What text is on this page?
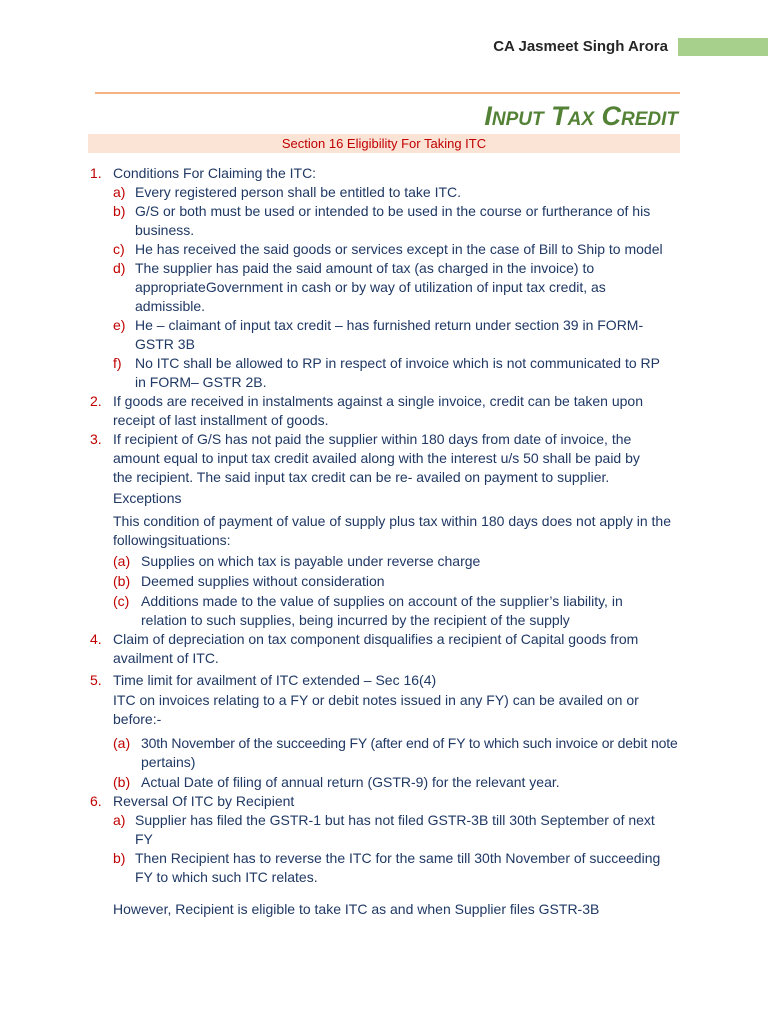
CA Jasmeet Singh Arora
Input Tax Credit
Section 16 Eligibility For Taking ITC
1. Conditions For Claiming the ITC:
a) Every registered person shall be entitled to take ITC.
b) G/S or both must be used or intended to be used in the course or furtherance of his
business.
c) He has received the said goods or services except in the case of Bill to Ship to model
d) The supplier has paid the said amount of tax (as charged in the invoice) to
appropriateGovernment in cash or by way of utilization of input tax credit, as
admissible.
e) He – claimant of input tax credit – has furnished return under section 39 in FORM-
GSTR 3B
f) No ITC shall be allowed to RP in respect of invoice which is not communicated to RP
in FORM– GSTR 2B.
2. If goods are received in instalments against a single invoice, credit can be taken upon
receipt of last installment of goods.
3. If recipient of G/S has not paid the supplier within 180 days from date of invoice, the
amount equal to input tax credit availed along with the interest u/s 50 shall be paid by
the recipient. The said input tax credit can be re- availed on payment to supplier.
Exceptions
This condition of payment of value of supply plus tax within 180 days does not apply in the
followingsituations:
(a) Supplies on which tax is payable under reverse charge
(b) Deemed supplies without consideration
(c) Additions made to the value of supplies on account of the supplier’s liability, in
relation to such supplies, being incurred by the recipient of the supply
4. Claim of depreciation on tax component disqualifies a recipient of Capital goods from
availment of ITC.
5. Time limit for availment of ITC extended – Sec 16(4)
ITC on invoices relating to a FY or debit notes issued in any FY) can be availed on or
before:-
(a) 30th November of the succeeding FY (after end of FY to which such invoice or debit note
pertains)
(b) Actual Date of filing of annual return (GSTR-9) for the relevant year.
6. Reversal Of ITC by Recipient
a) Supplier has filed the GSTR-1 but has not filed GSTR-3B till 30th September of next
FY
b) Then Recipient has to reverse the ITC for the same till 30th November of succeeding
FY to which such ITC relates.
However, Recipient is eligible to take ITC as and when Supplier files GSTR-3B
